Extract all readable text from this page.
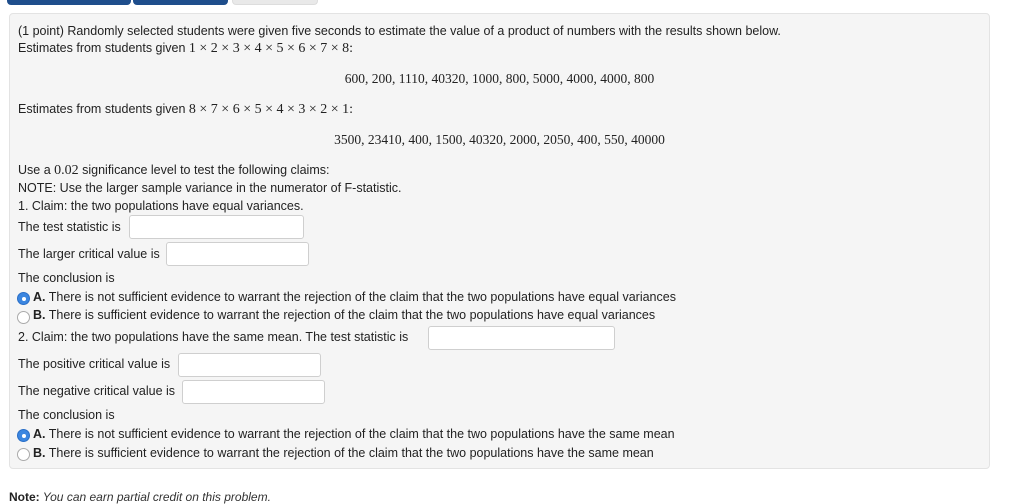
(1 point) Randomly selected students were given five seconds to estimate the value of a product of numbers with the results shown below.
Estimates from students given 1 × 2 × 3 × 4 × 5 × 6 × 7 × 8:
600, 200, 1110, 40320, 1000, 800, 5000, 4000, 4000, 800
Estimates from students given 8 × 7 × 6 × 5 × 4 × 3 × 2 × 1:
3500, 23410, 400, 1500, 40320, 2000, 2050, 400, 550, 40000
Use a 0.02 significance level to test the following claims:
NOTE: Use the larger sample variance in the numerator of F-statistic.
1. Claim: the two populations have equal variances.
The test statistic is
The larger critical value is
The conclusion is
A. There is not sufficient evidence to warrant the rejection of the claim that the two populations have equal variances
B. There is sufficient evidence to warrant the rejection of the claim that the two populations have equal variances
2. Claim: the two populations have the same mean. The test statistic is
The positive critical value is
The negative critical value is
The conclusion is
A. There is not sufficient evidence to warrant the rejection of the claim that the two populations have the same mean
B. There is sufficient evidence to warrant the rejection of the claim that the two populations have the same mean
Note: You can earn partial credit on this problem.
